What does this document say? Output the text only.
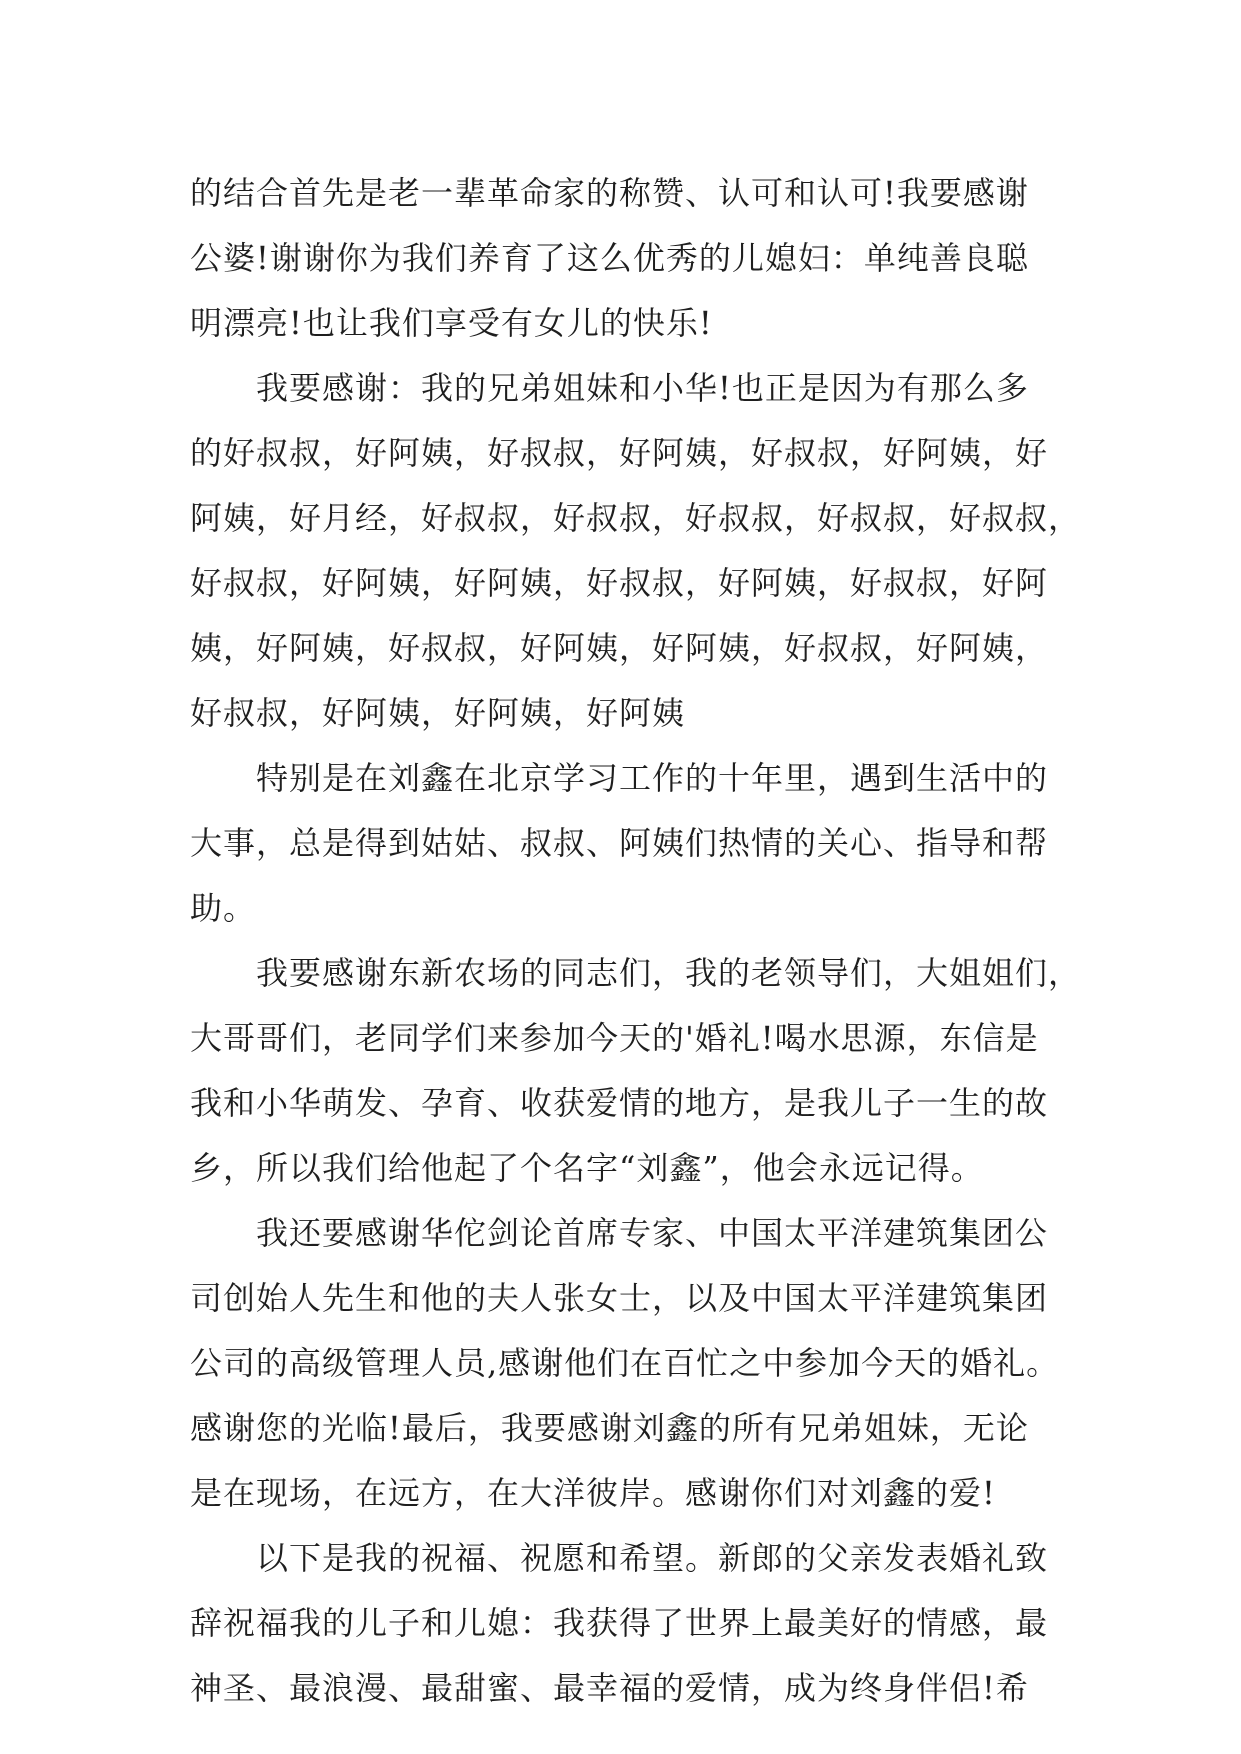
的结合首先是老一辈革命家的称赞、认可和认可!我要感谢
公婆!谢谢你为我们养育了这么优秀的儿媳妇：单纯善良聪
明漂亮!也让我们享受有女儿的快乐!
我要感谢：我的兄弟姐妹和小华!也正是因为有那么多
的好叔叔，好阿姨，好叔叔，好阿姨，好叔叔，好阿姨，好
阿姨，好月经，好叔叔，好叔叔，好叔叔，好叔叔，好叔叔，
好叔叔，好阿姨，好阿姨，好叔叔，好阿姨，好叔叔，好阿
姨，好阿姨，好叔叔，好阿姨，好阿姨，好叔叔，好阿姨，
好叔叔，好阿姨，好阿姨，好阿姨
特别是在刘鑫在北京学习工作的十年里，遇到生活中的
大事，总是得到姑姑、叔叔、阿姨们热情的关心、指导和帮
助。
我要感谢东新农场的同志们，我的老领导们，大姐姐们，
大哥哥们，老同学们来参加今天的'婚礼!喝水思源，东信是
我和小华萌发、孕育、收获爱情的地方，是我儿子一生的故
乡，所以我们给他起了个名字“刘鑫”，他会永远记得。
我还要感谢华佗剑论首席专家、中国太平洋建筑集团公
司创始人先生和他的夫人张女士，以及中国太平洋建筑集团
公司的高级管理人员,感谢他们在百忙之中参加今天的婚礼。
感谢您的光临!最后，我要感谢刘鑫的所有兄弟姐妹，无论
是在现场，在远方，在大洋彼岸。感谢你们对刘鑫的爱!
以下是我的祝福、祝愿和希望。新郎的父亲发表婚礼致
辞祝福我的儿子和儿媳：我获得了世界上最美好的情感，最
神圣、最浪漫、最甜蜜、最幸福的爱情，成为终身伴侣!希
